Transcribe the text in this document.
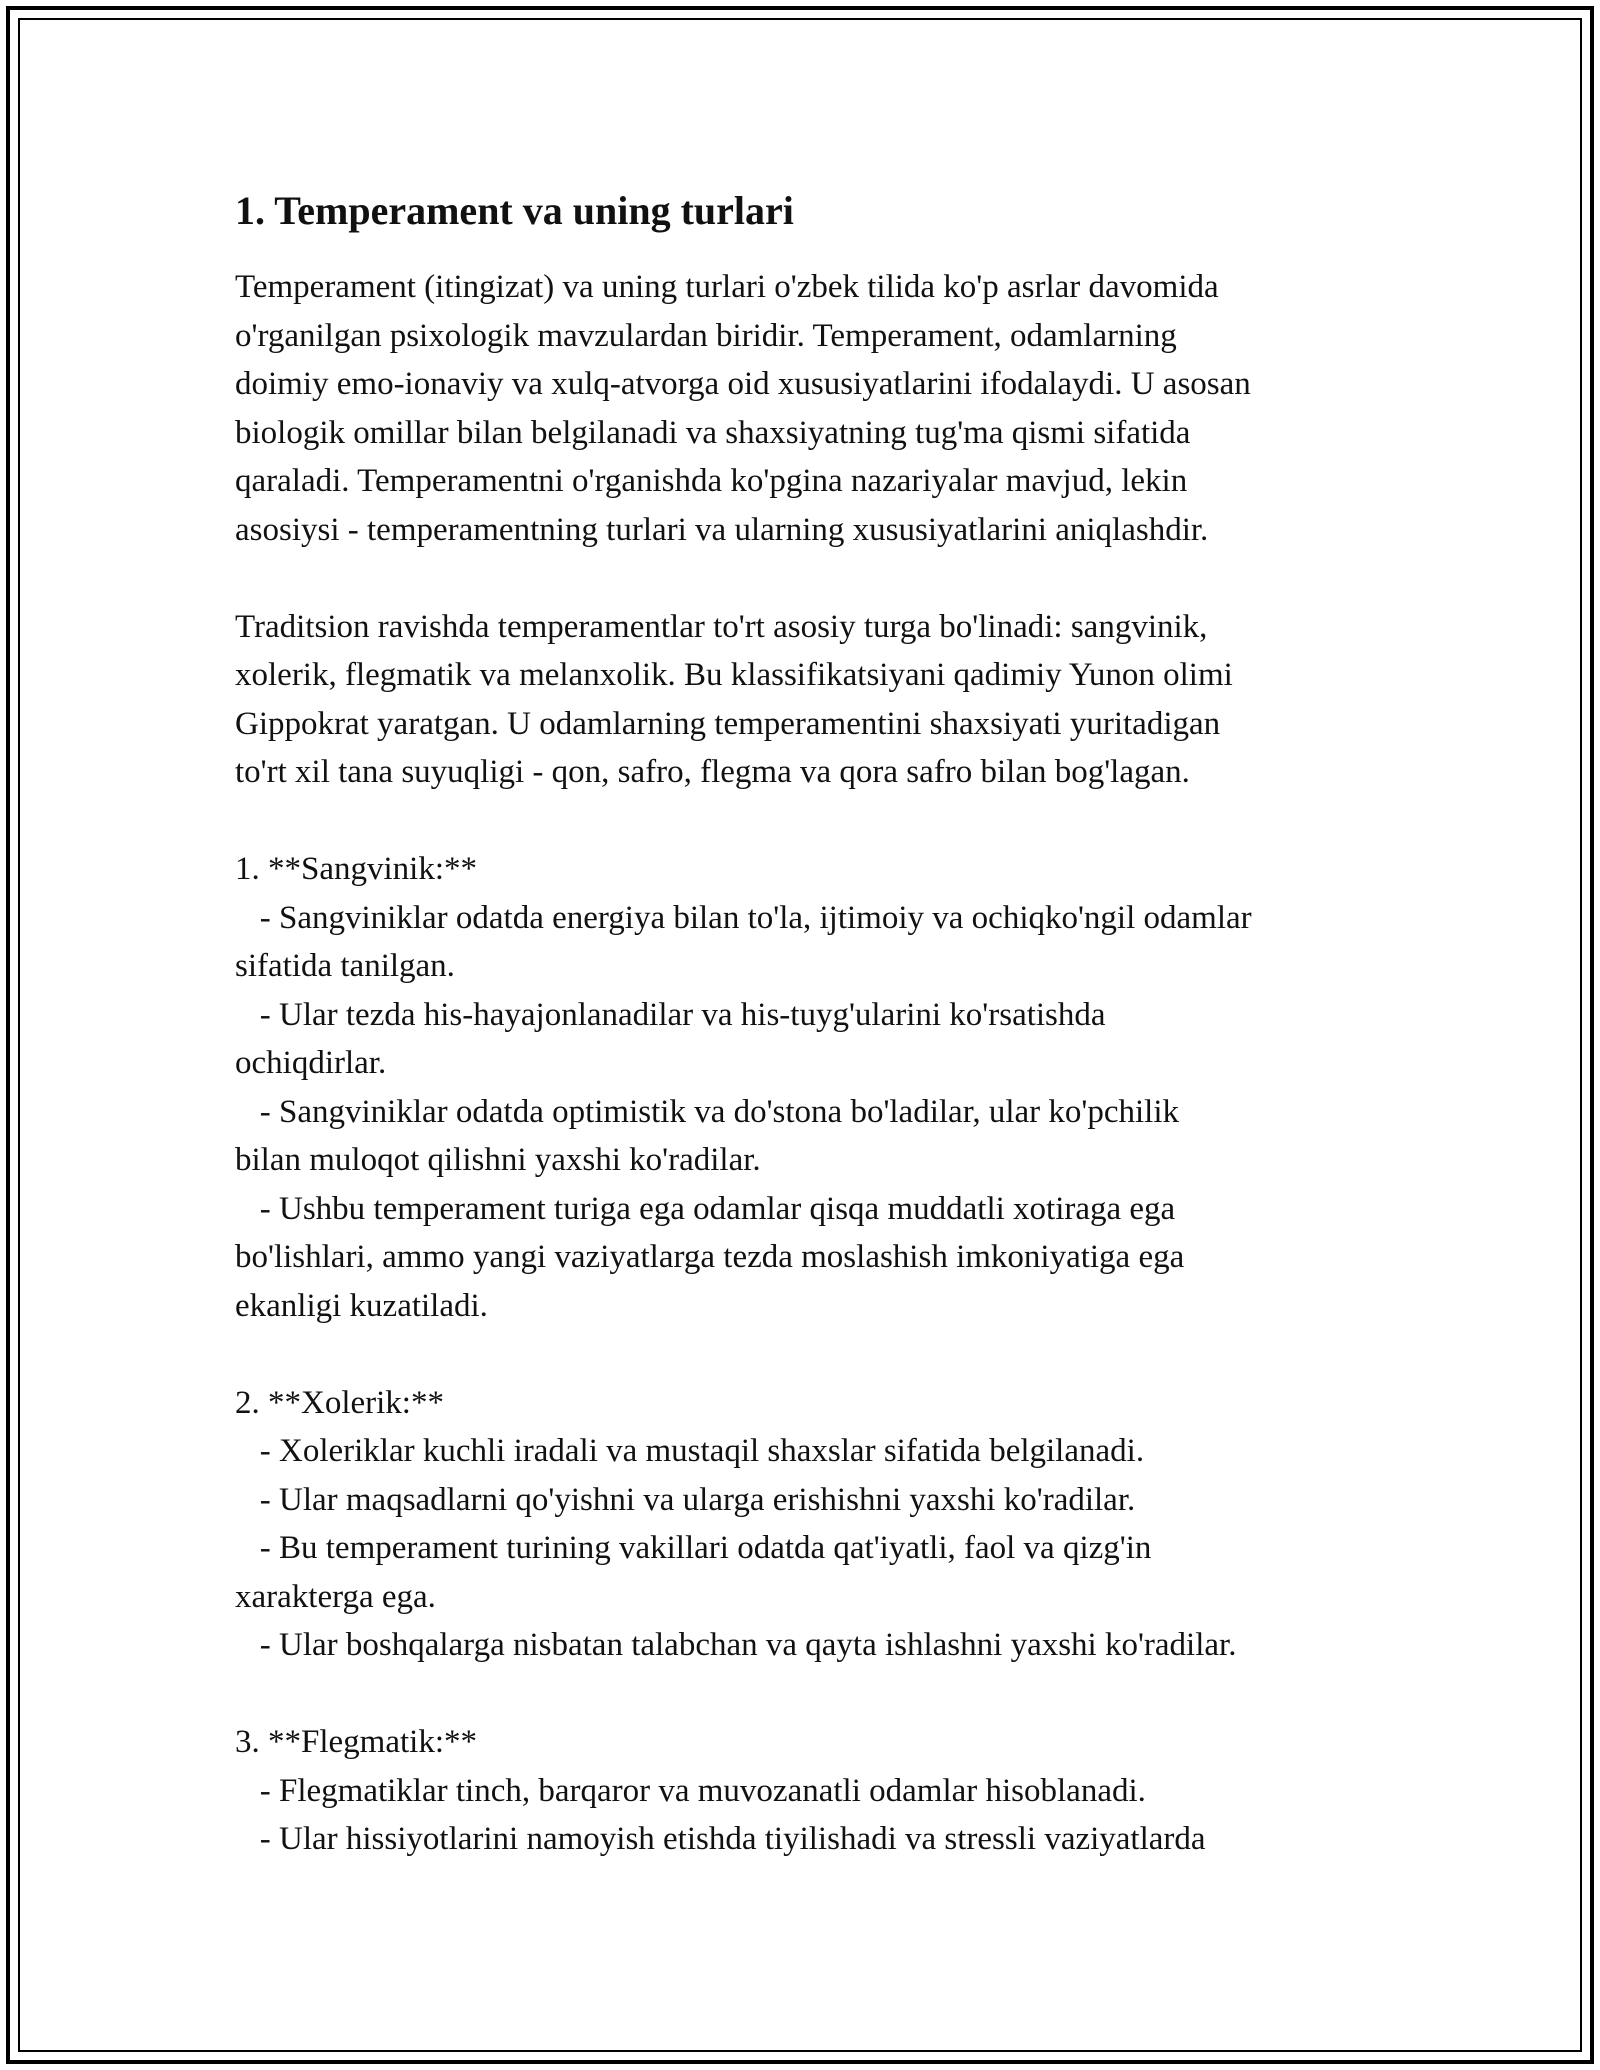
1. Temperament va uning turlari
Temperament (itingizat) va uning turlari o'zbek tilida ko'p asrlar davomida
o'rganilgan psixologik mavzulardan biridir. Temperament, odamlarning
doimiy emo-ionaviy va xulq-atvorga oid xususiyatlarini ifodalaydi. U asosan
biologik omillar bilan belgilanadi va shaxsiyatning tug'ma qismi sifatida
qaraladi. Temperamentni o'rganishda ko'pgina nazariyalar mavjud, lekin
asosiysi - temperamentning turlari va ularning xususiyatlarini aniqlashdir.
Traditsion ravishda temperamentlar to'rt asosiy turga bo'linadi: sangvinik,
xolerik, flegmatik va melanxolik. Bu klassifikatsiyani qadimiy Yunon olimi
Gippokrat yaratgan. U odamlarning temperamentini shaxsiyati yuritadigan
to'rt xil tana suyuqligi - qon, safro, flegma va qora safro bilan bog'lagan.
1. **Sangvinik:**
- Sangviniklar odatda energiya bilan to'la, ijtimoiy va ochiqko'ngil odamlar
sifatida tanilgan.
- Ular tezda his-hayajonlanadilar va his-tuyg'ularini ko'rsatishda
ochiqdirlar.
- Sangviniklar odatda optimistik va do'stona bo'ladilar, ular ko'pchilik
bilan muloqot qilishni yaxshi ko'radilar.
- Ushbu temperament turiga ega odamlar qisqa muddatli xotiraga ega
bo'lishlari, ammo yangi vaziyatlarga tezda moslashish imkoniyatiga ega
ekanligi kuzatiladi.
2. **Xolerik:**
- Xoleriklar kuchli iradali va mustaqil shaxslar sifatida belgilanadi.
- Ular maqsadlarni qo'yishni va ularga erishishni yaxshi ko'radilar.
- Bu temperament turining vakillari odatda qat'iyatli, faol va qizg'in
xarakterga ega.
- Ular boshqalarga nisbatan talabchan va qayta ishlashni yaxshi ko'radilar.
3. **Flegmatik:**
- Flegmatiklar tinch, barqaror va muvozanatli odamlar hisoblanadi.
- Ular hissiyotlarini namoyish etishda tiyilishadi va stressli vaziyatlarda
